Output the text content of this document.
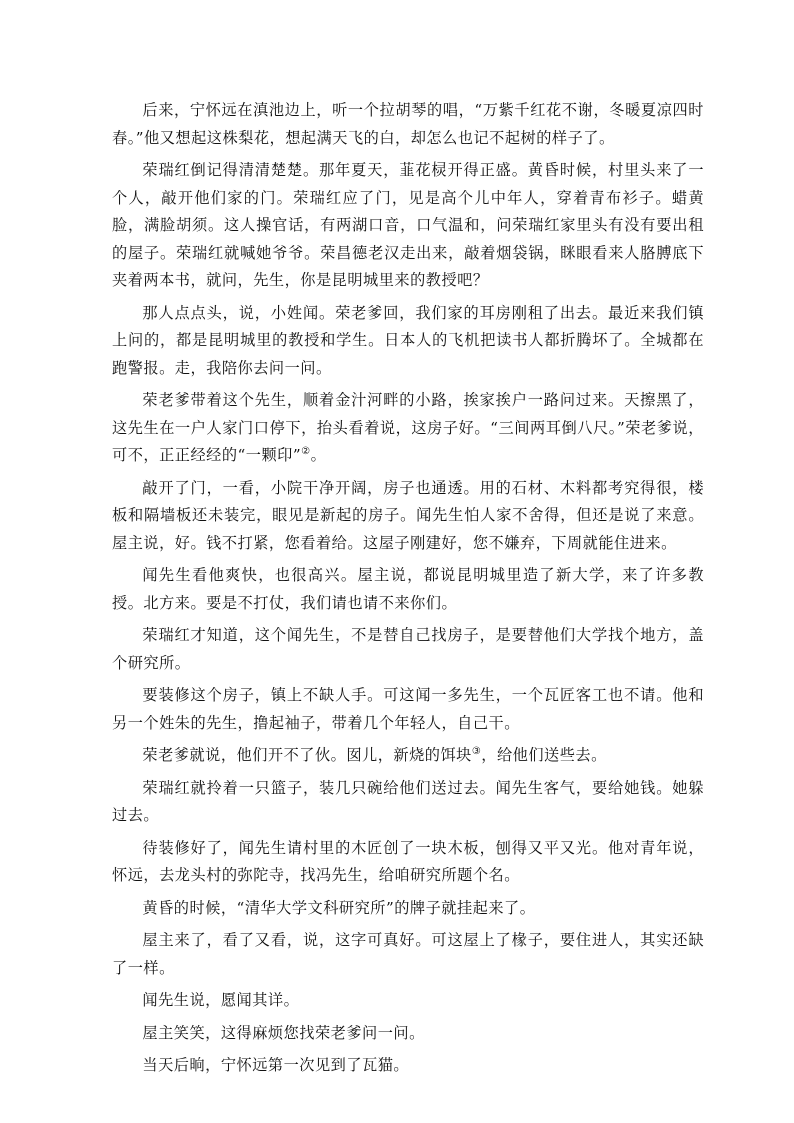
后来，宁怀远在滇池边上，听一个拉胡琴的唱，“万紫千红花不谢，冬暖夏凉四时春。”他又想起这株梨花，想起满天飞的白，却怎么也记不起树的样子了。

荣瑞红倒记得清清楚楚。那年夏天，韮花棂开得正盛。黄昏时候，村里头来了一个人，敲开他们家的门。荣瑞红应了门，见是高个儿中年人，穿着青布衫子。蜡黄脸，满脸胡须。这人操官话，有两湖口音，口气温和，问荣瑞红家里头有没有要出租的屋子。荣瑞红就喊她爷爷。荣昌德老汉走出来，敲着烟袋锅，眯眼看来人胳膊底下夹着两本书，就问，先生，你是昆明城里来的教授吧？

那人点点头，说，小姓闻。荣老爹回，我们家的耳房刚租了出去。最近来我们镇上问的，都是昆明城里的教授和学生。日本人的飞机把读书人都折腾坏了。全城都在跑警报。走，我陪你去问一问。

荣老爹带着这个先生，顺着金汁河畔的小路，挨家挨户一路问过来。天擦黑了，这先生在一户人家门口停下，抬头看着说，这房子好。“三间两耳倒八尺。”荣老爹说，可不，正正经经的“一颗印”②。

敲开了门，一看，小院干净开阔，房子也通透。用的石材、木料都考究得很，楼板和隔墙板还未装完，眼见是新起的房子。闻先生怕人家不舍得，但还是说了来意。屋主说，好。钱不打紧，您看着给。这屋子刚建好，您不嫌弃，下周就能住进来。

闻先生看他爽快，也很高兴。屋主说，都说昆明城里造了新大学，来了许多教授。北方来。要是不打仗，我们请也请不来你们。

荣瑞红才知道，这个闻先生，不是替自己找房子，是要替他们大学找个地方，盖个研究所。

要装修这个房子，镇上不缺人手。可这闻一多先生，一个瓦匠客工也不请。他和另一个姓朱的先生，撸起袖子，带着几个年轻人，自己干。

荣老爹就说，他们开不了伙。囡儿，新烧的饵块③，给他们送些去。

荣瑞红就拎着一只篮子，装几只碗给他们送过去。闻先生客气，要给她钱。她躲过去。

待装修好了，闻先生请村里的木匠创了一块木板，刨得又平又光。他对青年说，怀远，去龙头村的弥陀寺，找冯先生，给咱研究所题个名。

黄昏的时候，“清华大学文科研究所”的牌子就挂起来了。

屋主来了，看了又看，说，这字可真好。可这屋上了椽子，要住进人，其实还缺了一样。

闻先生说，愿闻其详。

屋主笑笑，这得麻烦您找荣老爹问一问。

当天后晌，宁怀远第一次见到了瓦猫。
